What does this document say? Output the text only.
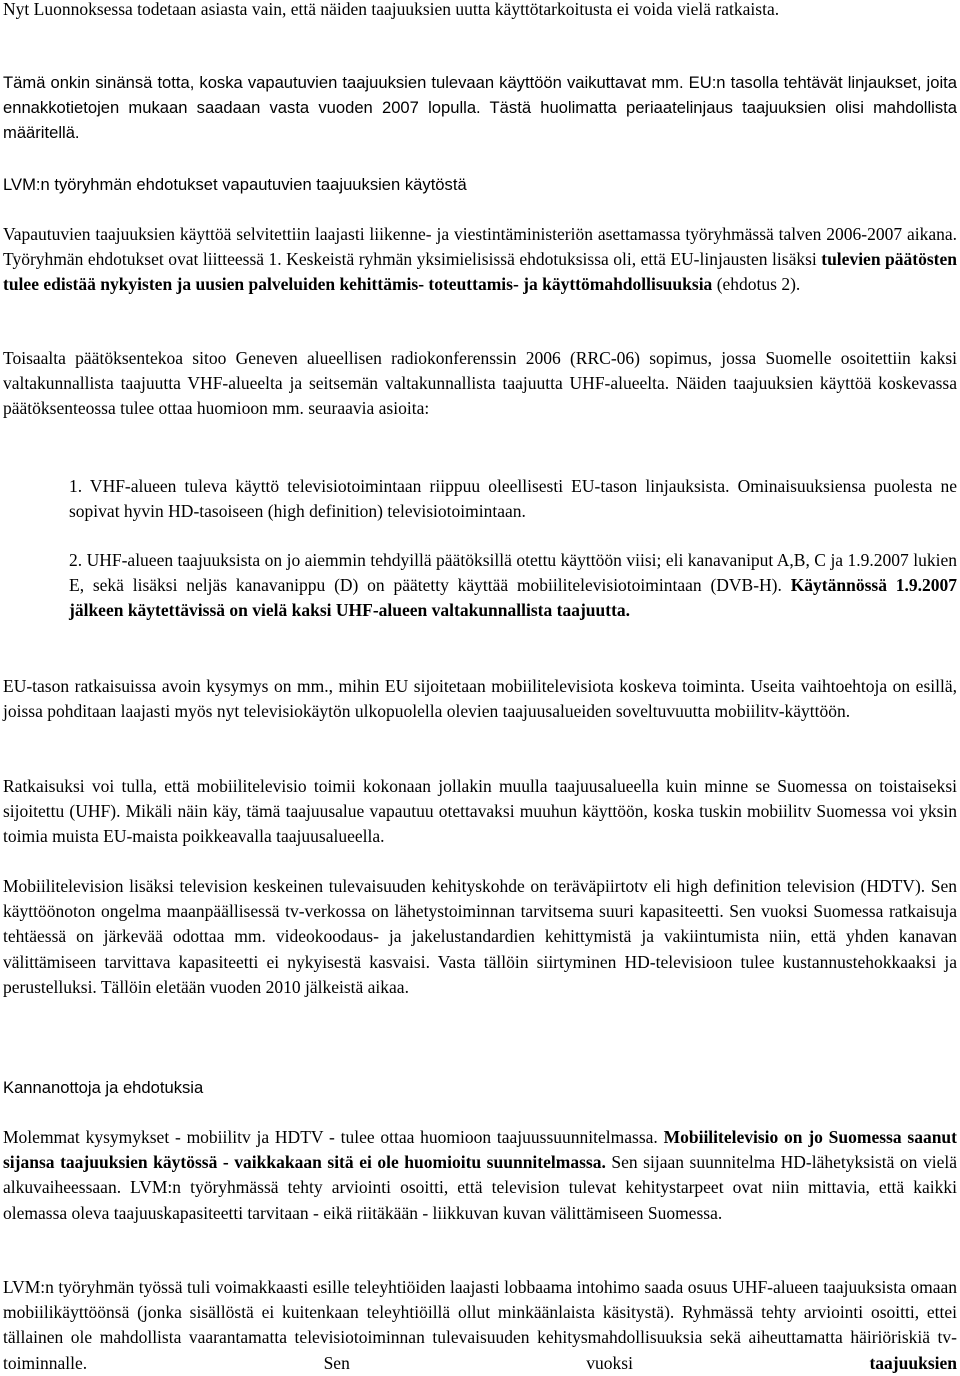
Nyt Luonnoksessa todetaan asiasta vain, että näiden taajuuksien uutta käyttötarkoitusta ei voida vielä ratkaista.

Tämä onkin sinänsä totta, koska vapautuvien taajuuksien tulevaan käyttöön vaikuttavat mm. EU:n tasolla tehtävät linjaukset, joita ennakkotietojen mukaan saadaan vasta vuoden 2007 lopulla. Tästä huolimatta periaatelinjaus taajuuksien olisi mahdollista määritellä.

LVM:n työryhmän ehdotukset vapautuvien taajuuksien käytöstä

Vapautuvien taajuuksien käyttöä selvitettiin laajasti liikenne- ja viestintäministeriön asettamassa työryhmässä talven 2006-2007 aikana. Työryhmän ehdotukset ovat liitteessä 1. Keskeistä ryhmän yksimielisissä ehdotuksissa oli, että EU-linjausten lisäksi tulevien päätösten tulee edistää nykyisten ja uusien palveluiden kehittämis- toteuttamis- ja käyttömahdollisuuksia (ehdotus 2).

Toisaalta päätöksentekoa sitoo Geneven alueellisen radiokonferenssin 2006 (RRC-06) sopimus, jossa Suomelle osoitettiin kaksi valtakunnallista taajuutta VHF-alueelta ja seitsemän valtakunnallista taajuutta UHF-alueelta. Näiden taajuuksien käyttöä koskevassa päätöksenteossa tulee ottaa huomioon mm. seuraavia asioita:

1. VHF-alueen tuleva käyttö televisiotoimintaan riippuu oleellisesti EU-tason linjauksista. Ominaisuuksiensa puolesta ne sopivat hyvin HD-tasoiseen (high definition) televisiotoimintaan.

2. UHF-alueen taajuuksista on jo aiemmin tehdyillä päätöksillä otettu käyttöön viisi; eli kanavaniput A,B, C ja 1.9.2007 lukien E, sekä lisäksi neljäs kanavanippu (D) on päätetty käyttää mobiilitelevisiotoimintaan (DVB-H). Käytännössä 1.9.2007 jälkeen käytettävissä on vielä kaksi UHF-alueen valtakunnallista taajuutta.

EU-tason ratkaisuissa avoin kysymys on mm., mihin EU sijoitetaan mobiilitelevisiota koskeva toiminta. Useita vaihtoehtoja on esillä, joissa pohditaan laajasti myös nyt televisiokäytön ulkopuolella olevien taajuusalueiden soveltuvuutta mobiilitv-käyttöön.

Ratkaisuksi voi tulla, että mobiilitelevisio toimii kokonaan jollakin muulla taajuusalueella kuin minne se Suomessa on toistaiseksi sijoitettu (UHF). Mikäli näin käy, tämä taajuusalue vapautuu otettavaksi muuhun käyttöön, koska tuskin mobiilitv Suomessa voi yksin toimia muista EU-maista poikkeavalla taajuusalueella.

Mobiilitelevision lisäksi television keskeinen tulevaisuuden kehityskohde on teräväpiirtotv eli high definition television (HDTV). Sen käyttöönoton ongelma maanpäällisessä tv-verkossa on lähetystoiminnan tarvitsema suuri kapasiteetti. Sen vuoksi Suomessa ratkaisuja tehtäessä on järkevää odottaa mm. videokoodaus- ja jakelustandardien kehittymistä ja vakiintumista niin, että yhden kanavan välittämiseen tarvittava kapasiteetti ei nykyisestä kasvaisi. Vasta tällöin siirtyminen HD-televisioon tulee kustannustehokkaaksi ja perustelluksi. Tällöin eletään vuoden 2010 jälkeistä aikaa.

Kannanottoja ja ehdotuksia

Molemmat kysymykset - mobiilitv ja HDTV - tulee ottaa huomioon taajuussuunnitelmassa. Mobiilitelevisio on jo Suomessa saanut sijansa taajuuksien käytössä - vaikkakaan sitä ei ole huomioitu suunnitelmassa. Sen sijaan suunnitelma HD-lähetyksistä on vielä alkuvaiheessaan. LVM:n työryhmässä tehty arviointi osoitti, että television tulevat kehitystarpeet ovat niin mittavia, että kaikki olemassa oleva taajuuskapasiteetti tarvitaan - eikä riitäkään - liikkuvan kuvan välittämiseen Suomessa.

LVM:n työryhmän työssä tuli voimakkaasti esille teleyhtiöiden laajasti lobbaama intohimo saada osuus UHF-alueen taajuuksista omaan mobiilikäyttöönsä (jonka sisällöstä ei kuitenkaan teleyhtiöillä ollut minkäänlaista käsitystä). Ryhmässä tehty arviointi osoitti, ettei tällainen ole mahdollista vaarantamatta televisiotoiminnan tulevaisuuden kehitysmahdollisuuksia sekä aiheuttamatta häiriöriskiä tv-toiminnalle. Sen vuoksi taajuuksien
